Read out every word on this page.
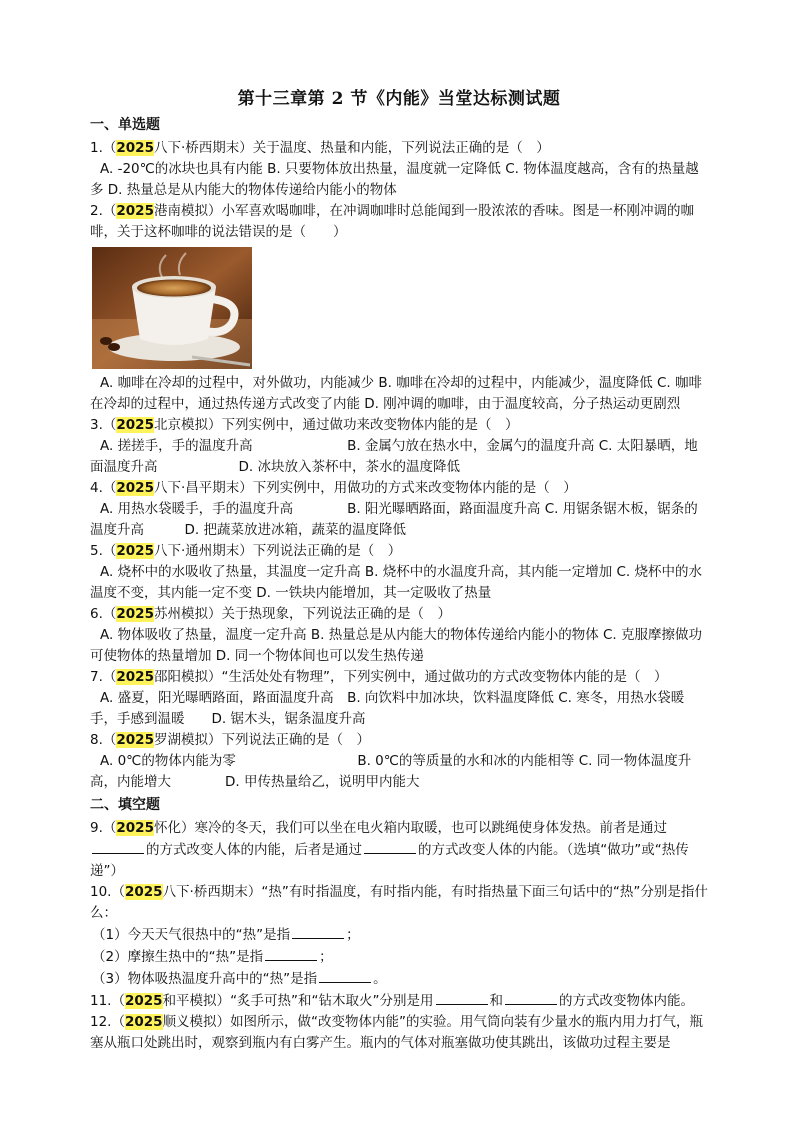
第十三章第 2 节《内能》当堂达标测试题
一、单选题
1.（2025八下·桥西期末）关于温度、热量和内能，下列说法正确的是（　）
A. -20℃的冰块也具有内能 B. 只要物体放出热量，温度就一定降低 C. 物体温度越高，含有的热量越多 D. 热量总是从内能大的物体传递给内能小的物体
2.（2025港南模拟）小军喜欢喝咖啡，在冲调咖啡时总能闻到一股浓浓的香味。图是一杯刚冲调的咖啡，关于这杯咖啡的说法错误的是（　　）
A. 咖啡在冷却的过程中，对外做功，内能减少 B. 咖啡在冷却的过程中，内能减少，温度降低 C. 咖啡在冷却的过程中，通过热传递方式改变了内能 D. 刚冲调的咖啡，由于温度较高，分子热运动更剧烈
3.（2025北京模拟）下列实例中，通过做功来改变物体内能的是（　）
A. 搓搓手，手的温度升高　　　　　　　B. 金属勺放在热水中，金属勺的温度升高 C. 太阳暴晒，地面温度升高　　　　　　D. 冰块放入茶杯中，茶水的温度降低
4.（2025八下·昌平期末）下列实例中，用做功的方式来改变物体内能的是（　）
A. 用热水袋暖手，手的温度升高　　　　B. 阳光曝晒路面，路面温度升高 C. 用锯条锯木板，锯条的温度升高　　　D. 把蔬菜放进冰箱，蔬菜的温度降低
5.（2025八下·通州期末）下列说法正确的是（　）
A. 烧杯中的水吸收了热量，其温度一定升高 B. 烧杯中的水温度升高，其内能一定增加 C. 烧杯中的水温度不变，其内能一定不变 D. 一铁块内能增加，其一定吸收了热量
6.（2025苏州模拟）关于热现象，下列说法正确的是（　）
A. 物体吸收了热量，温度一定升高 B. 热量总是从内能大的物体传递给内能小的物体 C. 克服摩擦做功可使物体的热量增加 D. 同一个物体间也可以发生热传递
7.（2025邵阳模拟）“生活处处有物理”，下列实例中，通过做功的方式改变物体内能的是（　）
A. 盛夏，阳光曝晒路面，路面温度升高　B. 向饮料中加冰块，饮料温度降低 C. 寒冬，用热水袋暖手，手感到温暖　　D. 锯木头，锯条温度升高
8.（2025罗湖模拟）下列说法正确的是（　）
A. 0℃的物体内能为零　　　　　　　　　B. 0℃的等质量的水和冰的内能相等 C. 同一物体温度升高，内能增大　　　　D. 甲传热量给乙，说明甲内能大
二、填空题
9.（2025怀化）寒冷的冬天，我们可以坐在电火箱内取暖，也可以跳绳使身体发热。前者是通过的方式改变人体的内能，后者是通过	的方式改变人体的内能。（选填“做功”或“热传递”）
10.（2025八下·桥西期末）“热”有时指温度，有时指内能，有时指热量下面三句话中的“热”分别是指什么：
（1）今天天气很热中的“热”是指	；
（2）摩擦生热中的“热”是指	；
（3）物体吸热温度升高中的“热”是指	。
11.（2025和平模拟）“炙手可热”和“钻木取火”分别是用	和	的方式改变物体内能。
12.（2025顺义模拟）如图所示，做“改变物体内能”的实验。用气筒向装有少量水的瓶内用力打气，瓶塞从瓶口处跳出时，观察到瓶内有白雾产生。瓶内的气体对瓶塞做功使其跳出，该做功过程主要是
